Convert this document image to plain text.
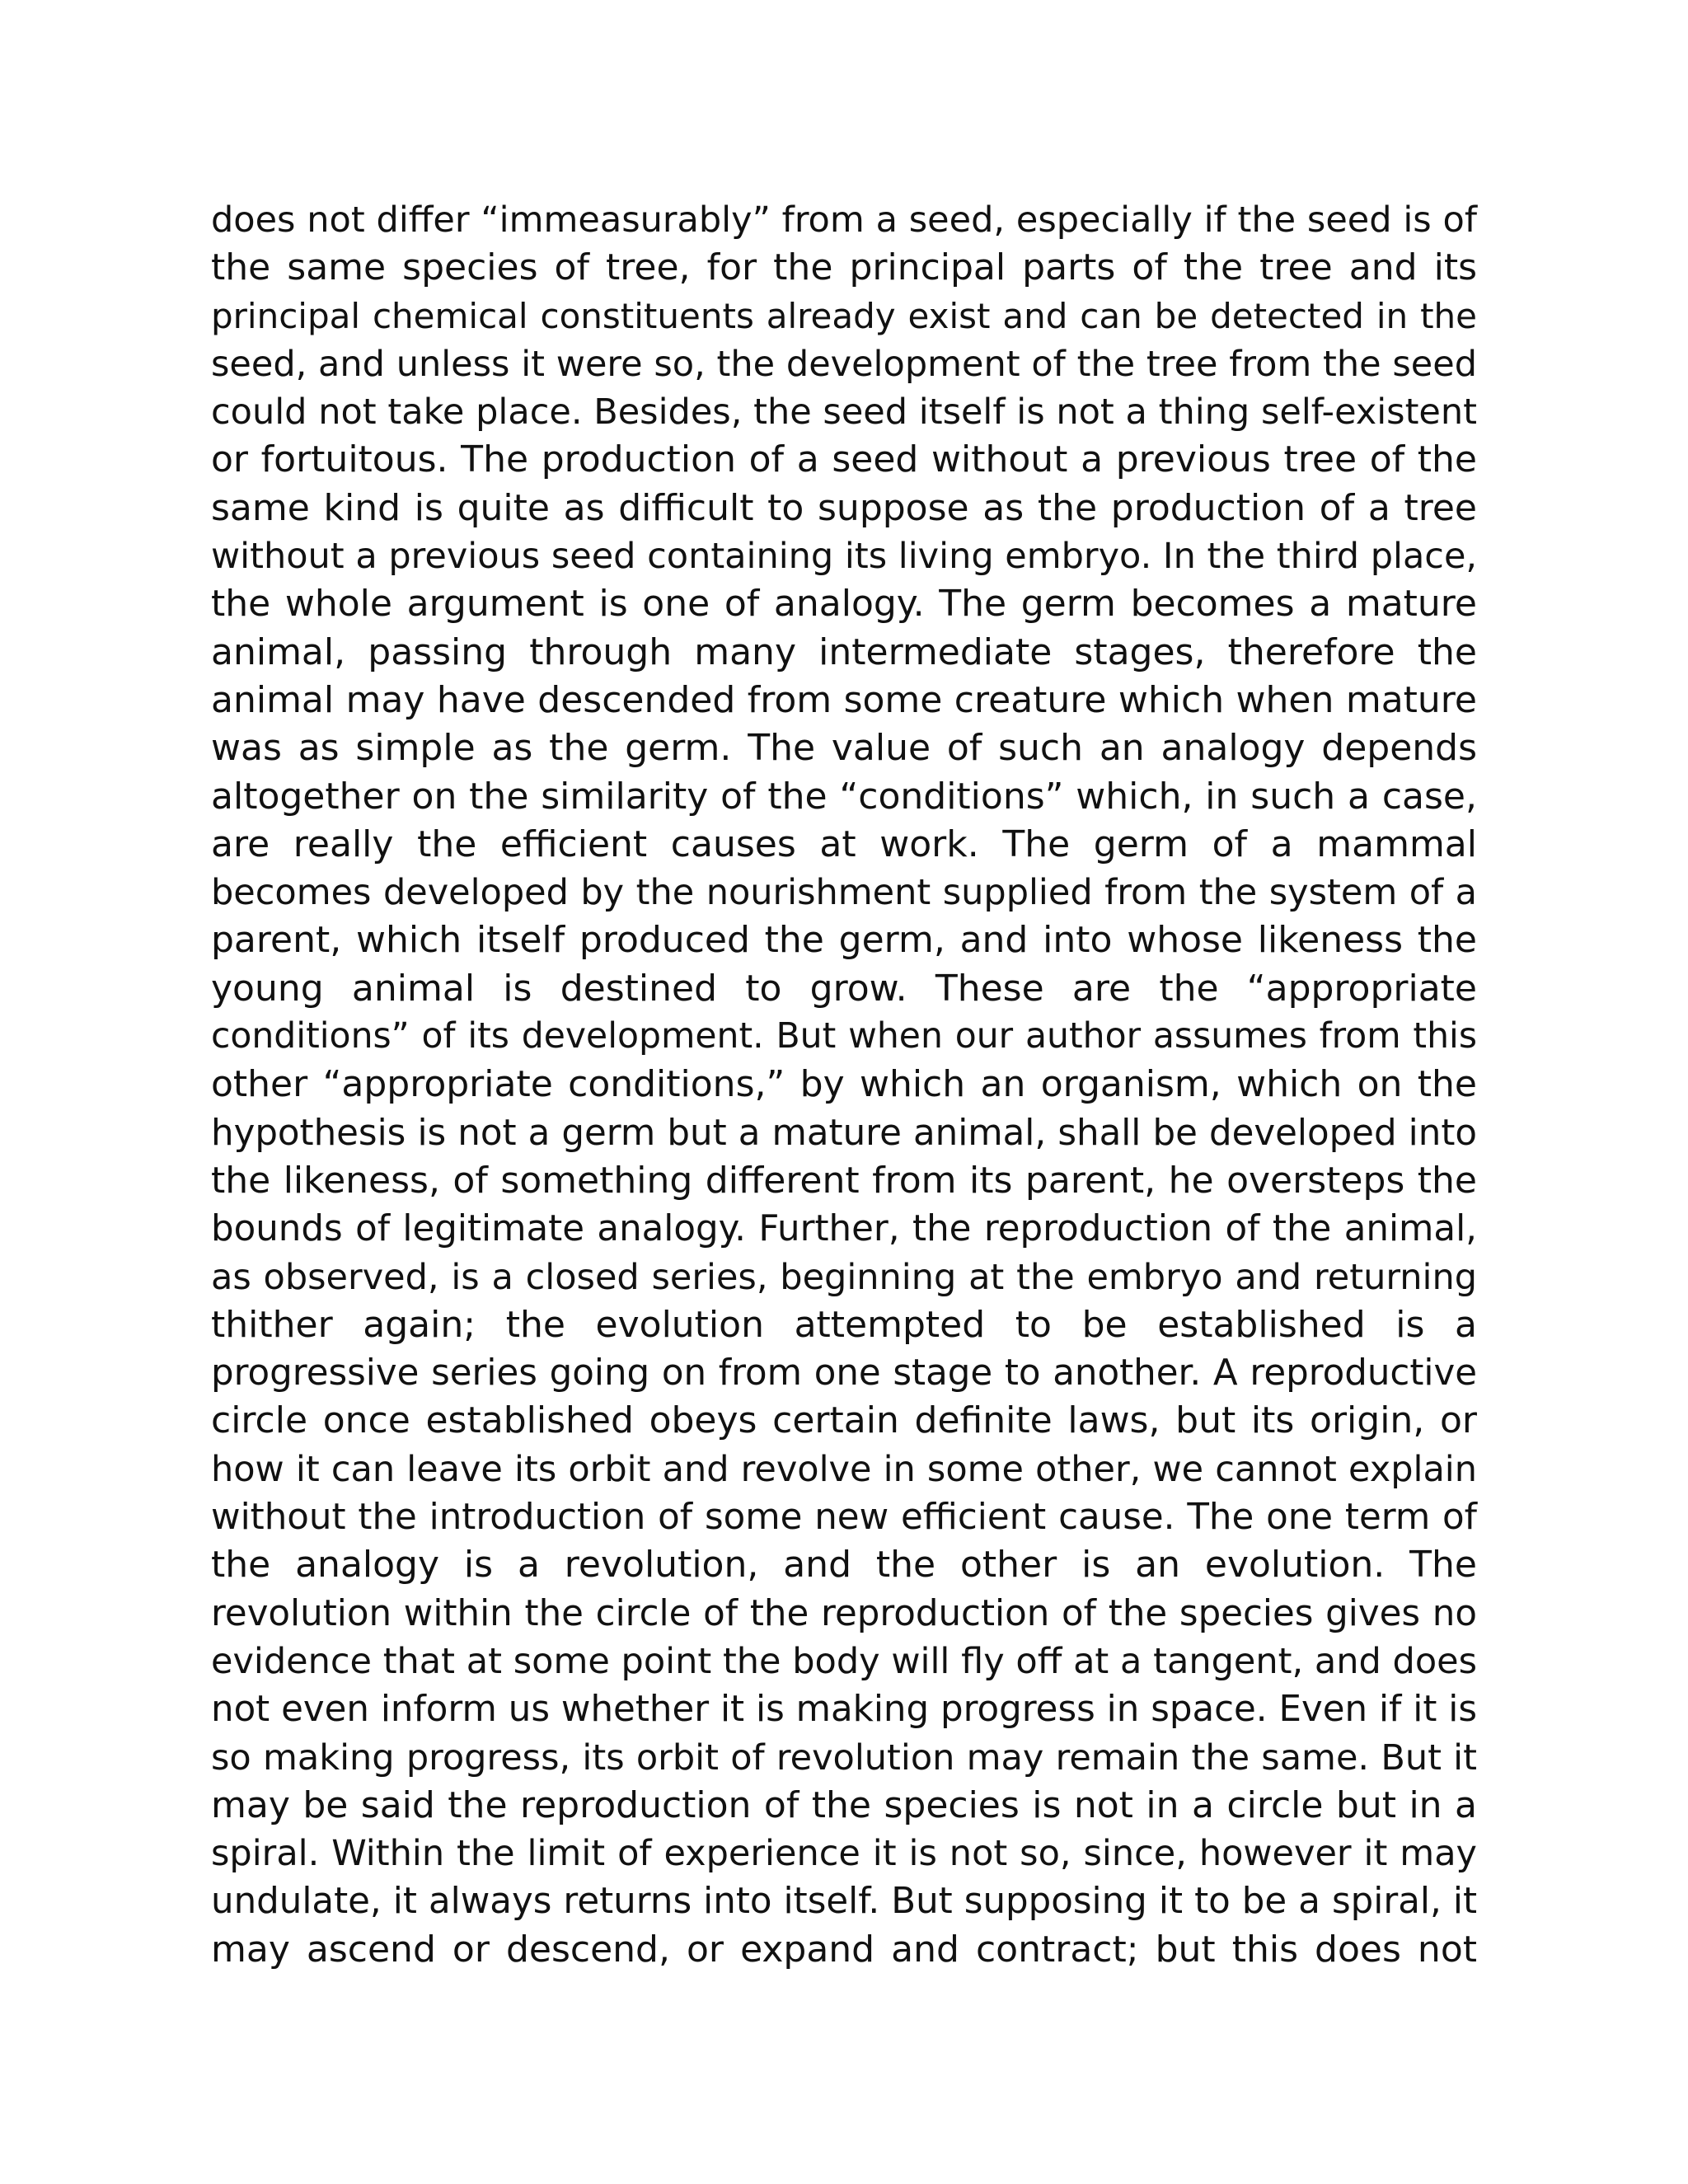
does not differ “immeasurably” from a seed, especially if the seed is of
the same species of tree, for the principal parts of the tree and its
principal chemical constituents already exist and can be detected in the
seed, and unless it were so, the development of the tree from the seed
could not take place. Besides, the seed itself is not a thing self-existent
or fortuitous. The production of a seed without a previous tree of the
same kind is quite as difficult to suppose as the production of a tree
without a previous seed containing its living embryo. In the third place,
the whole argument is one of analogy. The germ becomes a mature
animal, passing through many intermediate stages, therefore the
animal may have descended from some creature which when mature
was as simple as the germ. The value of such an analogy depends
altogether on the similarity of the “conditions” which, in such a case,
are really the efficient causes at work. The germ of a mammal
becomes developed by the nourishment supplied from the system of a
parent, which itself produced the germ, and into whose likeness the
young animal is destined to grow. These are the “appropriate
conditions” of its development. But when our author assumes from this
other “appropriate conditions,” by which an organism, which on the
hypothesis is not a germ but a mature animal, shall be developed into
the likeness, of something different from its parent, he oversteps the
bounds of legitimate analogy. Further, the reproduction of the animal,
as observed, is a closed series, beginning at the embryo and returning
thither again; the evolution attempted to be established is a
progressive series going on from one stage to another. A reproductive
circle once established obeys certain definite laws, but its origin, or
how it can leave its orbit and revolve in some other, we cannot explain
without the introduction of some new efficient cause. The one term of
the analogy is a revolution, and the other is an evolution. The
revolution within the circle of the reproduction of the species gives no
evidence that at some point the body will fly off at a tangent, and does
not even inform us whether it is making progress in space. Even if it is
so making progress, its orbit of revolution may remain the same. But it
may be said the reproduction of the species is not in a circle but in a
spiral. Within the limit of experience it is not so, since, however it may
undulate, it always returns into itself. But supposing it to be a spiral, it
may ascend or descend, or expand and contract; but this does not
